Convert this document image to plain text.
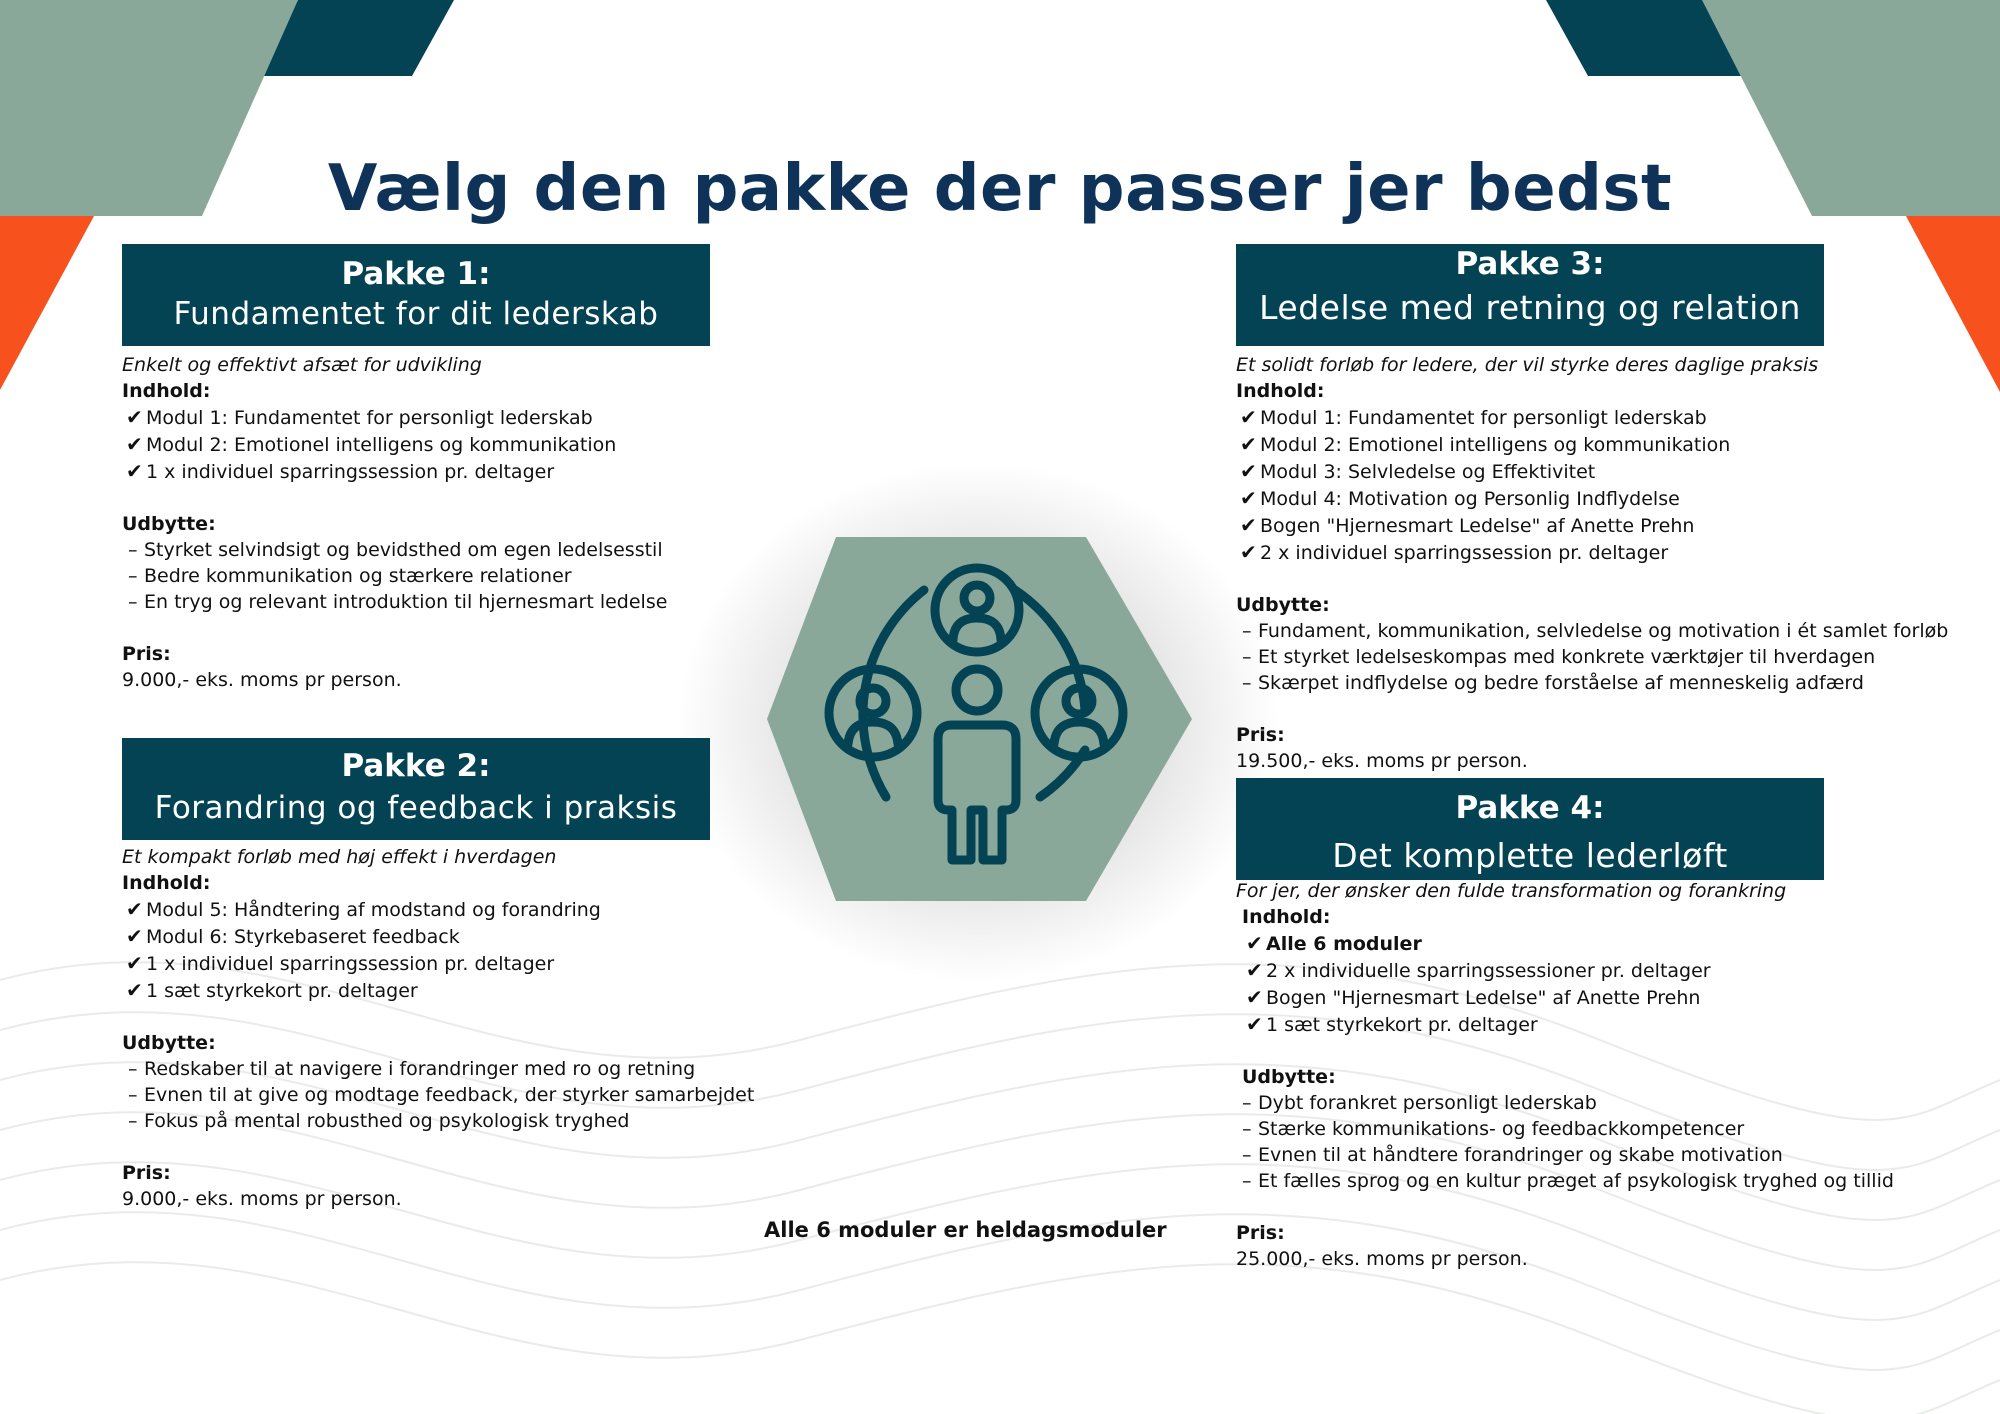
Vælg den pakke der passer jer bedst
Pakke 1:
Fundamentet for dit lederskab
Enkelt og effektivt afsæt for udvikling
Indhold:
✔ Modul 1: Fundamentet for personligt lederskab
✔ Modul 2: Emotionel intelligens og kommunikation
✔ 1 x individuel sparringssession pr. deltager
Udbytte:
– Styrket selvindsigt og bevidsthed om egen ledelsesstil
– Bedre kommunikation og stærkere relationer
– En tryg og relevant introduktion til hjernesmart ledelse
Pris:
9.000,- eks. moms pr person.
Pakke 2:
Forandring og feedback i praksis
Et kompakt forløb med høj effekt i hverdagen
Indhold:
✔ Modul 5: Håndtering af modstand og forandring
✔ Modul 6: Styrkebaseret feedback
✔ 1 x individuel sparringssession pr. deltager
✔ 1 sæt styrkekort pr. deltager
Udbytte:
– Redskaber til at navigere i forandringer med ro og retning
– Evnen til at give og modtage feedback, der styrker samarbejdet
– Fokus på mental robusthed og psykologisk tryghed
Pris:
9.000,- eks. moms pr person.
Pakke 3:
Ledelse med retning og relation
Et solidt forløb for ledere, der vil styrke deres daglige praksis
Indhold:
✔ Modul 1: Fundamentet for personligt lederskab
✔ Modul 2: Emotionel intelligens og kommunikation
✔ Modul 3: Selvledelse og Effektivitet
✔ Modul 4: Motivation og Personlig Indflydelse
✔ Bogen "Hjernesmart Ledelse" af Anette Prehn
✔ 2 x individuel sparringssession pr. deltager
Udbytte:
– Fundament, kommunikation, selvledelse og motivation i ét samlet forløb
– Et styrket ledelseskompas med konkrete værktøjer til hverdagen
– Skærpet indflydelse og bedre forståelse af menneskelig adfærd
Pris:
19.500,- eks. moms pr person.
Pakke 4:
Det komplette lederløft
For jer, der ønsker den fulde transformation og forankring
Indhold:
✔ Alle 6 moduler
✔ 2 x individuelle sparringssessioner pr. deltager
✔ Bogen "Hjernesmart Ledelse" af Anette Prehn
✔ 1 sæt styrkekort pr. deltager
Udbytte:
– Dybt forankret personligt lederskab
– Stærke kommunikations- og feedbackkompetencer
– Evnen til at håndtere forandringer og skabe motivation
– Et fælles sprog og en kultur præget af psykologisk tryghed og tillid
Pris:
25.000,- eks. moms pr person.
Alle 6 moduler er heldagsmoduler
